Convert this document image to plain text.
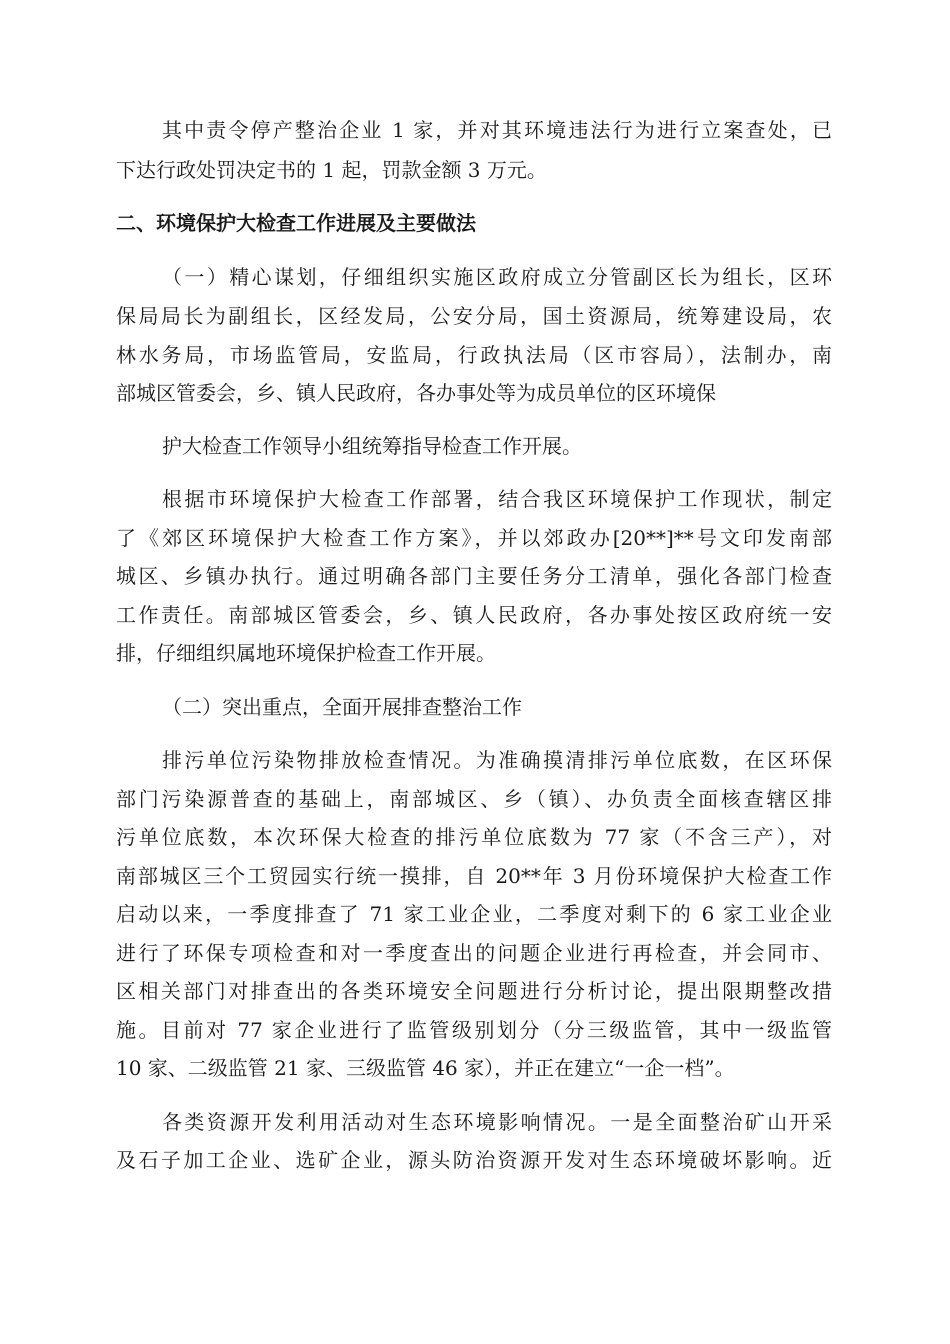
其中责令停产整治企业 1 家，并对其环境违法行为进行立案查处，已
下达行政处罚决定书的 1 起，罚款金额 3 万元。
二、环境保护大检查工作进展及主要做法
（一）精心谋划，仔细组织实施区政府成立分管副区长为组长，区环
保局局长为副组长，区经发局，公安分局，国土资源局，统筹建设局，农
林水务局，市场监管局，安监局，行政执法局（区市容局），法制办，南
部城区管委会，乡、镇人民政府，各办事处等为成员单位的区环境保
护大检查工作领导小组统筹指导检查工作开展。
根据市环境保护大检查工作部署，结合我区环境保护工作现状，制定
了《郊区环境保护大检查工作方案》，并以郊政办[20**]**号文印发南部
城区、乡镇办执行。通过明确各部门主要任务分工清单，强化各部门检查
工作责任。南部城区管委会，乡、镇人民政府，各办事处按区政府统一安
排，仔细组织属地环境保护检查工作开展。
（二）突出重点，全面开展排查整治工作
排污单位污染物排放检查情况。为准确摸清排污单位底数，在区环保
部门污染源普查的基础上，南部城区、乡（镇）、办负责全面核查辖区排
污单位底数，本次环保大检查的排污单位底数为 77 家（不含三产），对
南部城区三个工贸园实行统一摸排，自 20**年 3 月份环境保护大检查工作
启动以来，一季度排查了 71 家工业企业，二季度对剩下的 6 家工业企业
进行了环保专项检查和对一季度查出的问题企业进行再检查，并会同市、
区相关部门对排查出的各类环境安全问题进行分析讨论，提出限期整改措
施。目前对 77 家企业进行了监管级别划分（分三级监管，其中一级监管
10 家、二级监管 21 家、三级监管 46 家），并正在建立“一企一档”。
各类资源开发利用活动对生态环境影响情况。一是全面整治矿山开采
及石子加工企业、选矿企业，源头防治资源开发对生态环境破坏影响。近
